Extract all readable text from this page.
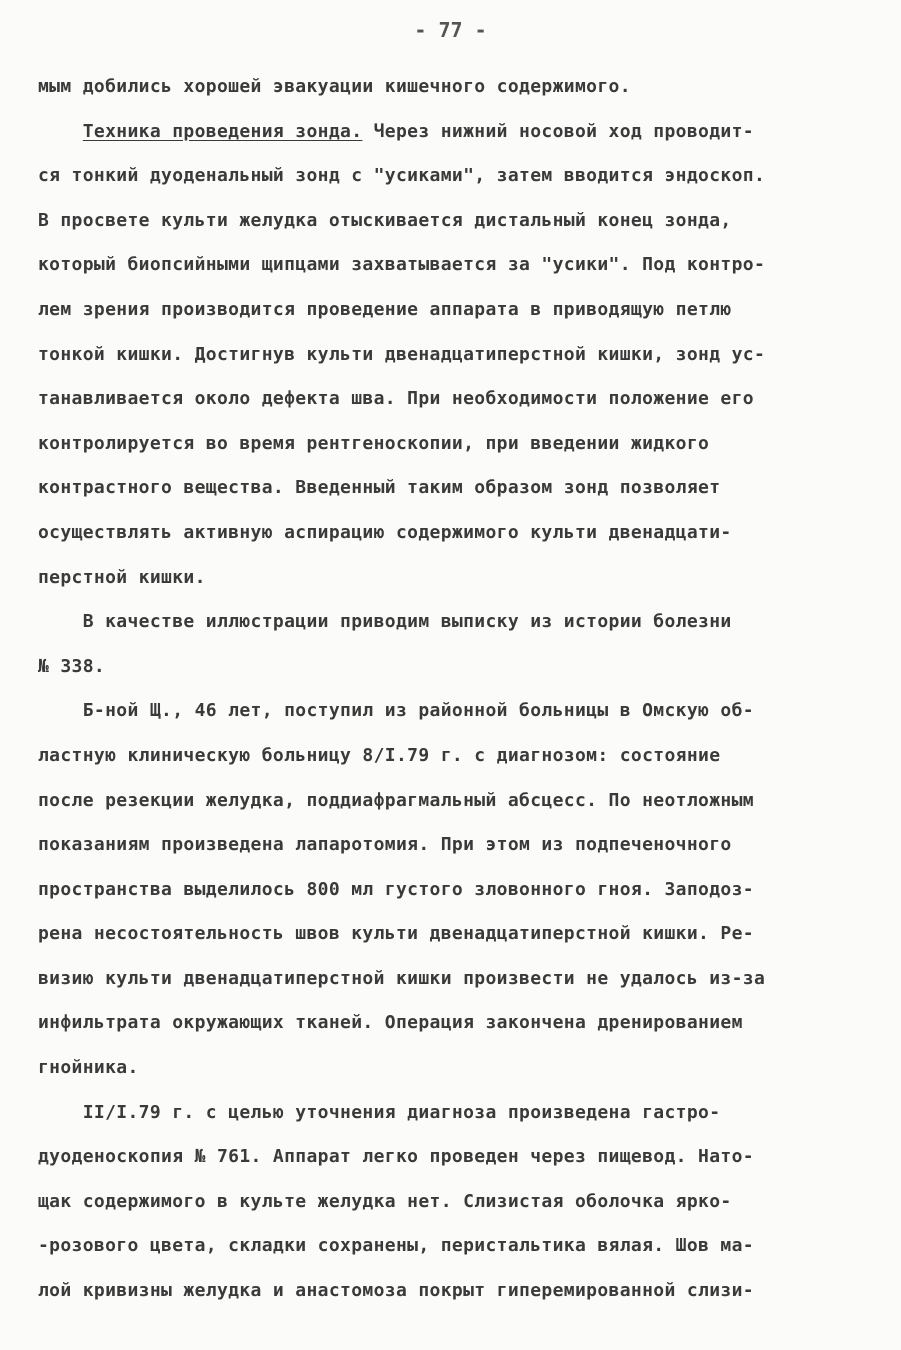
- 77 -
мым добились хорошей эвакуации кишечного содержимого.
Техника проведения зонда. Через нижний носовой ход проводит-
ся тонкий дуоденальный зонд с "усиками", затем вводится эндоскоп.
В просвете культи желудка отыскивается дистальный конец зонда,
который биопсийными щипцами захватывается за "усики". Под контро-
лем зрения производится проведение аппарата в приводящую петлю
тонкой кишки. Достигнув культи двенадцатиперстной кишки, зонд ус-
танавливается около дефекта шва. При необходимости положение его
контролируется во время рентгеноскопии, при введении жидкого
контрастного вещества. Введенный таким образом зонд позволяет
осуществлять активную аспирацию содержимого культи двенадцати-
перстной кишки.
В качестве иллюстрации приводим выписку из истории болезни
№ 338.
Б-ной Щ., 46 лет, поступил из районной больницы в Омскую об-
ластную клиническую больницу 8/I.79 г. с диагнозом: состояние
после резекции желудка, поддиафрагмальный абсцесс. По неотложным
показаниям произведена лапаротомия. При этом из подпеченочного
пространства выделилось 800 мл густого зловонного гноя. Заподоз-
рена несостоятельность швов культи двенадцатиперстной кишки. Ре-
визию культи двенадцатиперстной кишки произвести не удалось из-за
инфильтрата окружающих тканей. Операция закончена дренированием
гнойника.
II/I.79 г. с целью уточнения диагноза произведена гастро-
дуоденоскопия № 761. Аппарат легко проведен через пищевод. Нато-
щак содержимого в культе желудка нет. Слизистая оболочка ярко-
-розового цвета, складки сохранены, перистальтика вялая. Шов ма-
лой кривизны желудка и анастомоза покрыт гиперемированной слизи-
